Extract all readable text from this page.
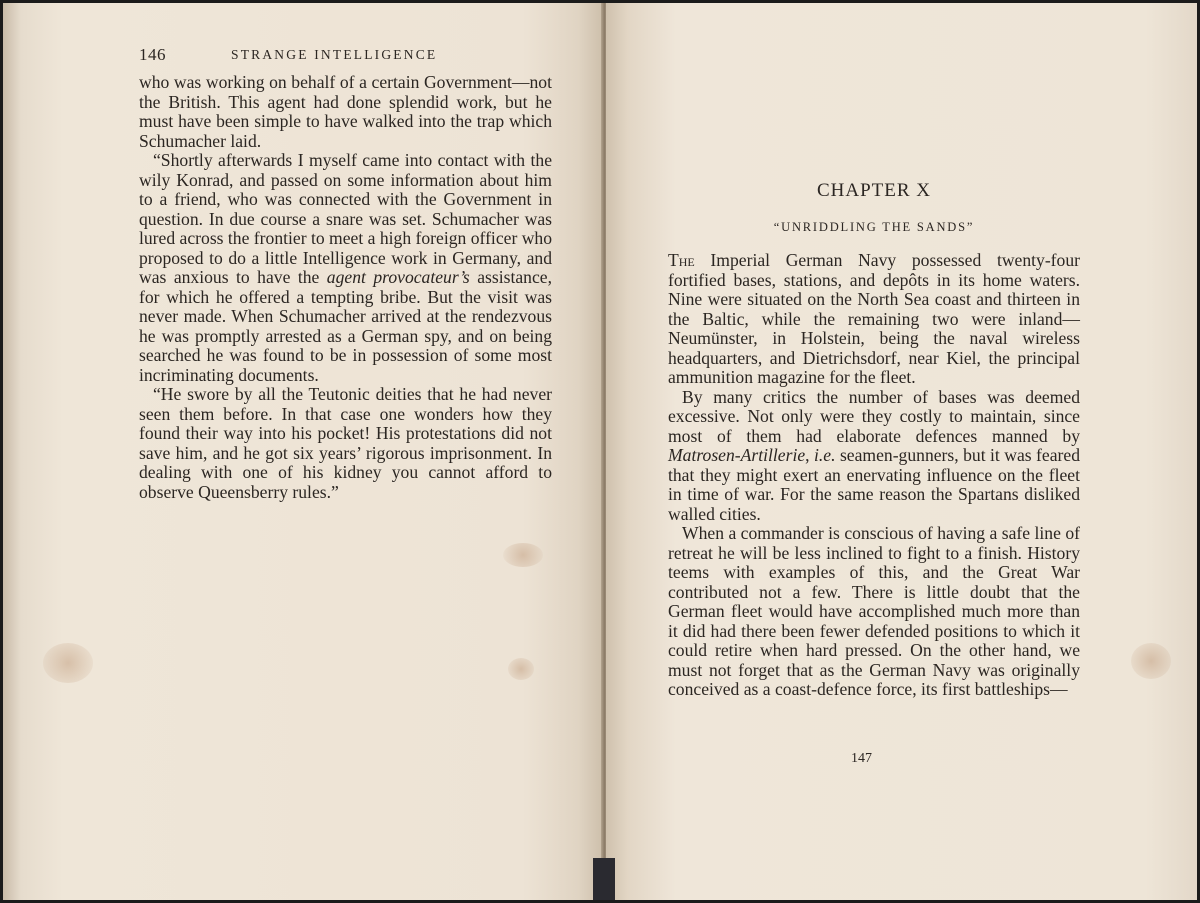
146	STRANGE INTELLIGENCE

who was working on behalf of a certain Government—not the British. This agent had done splendid work, but he must have been simple to have walked into the trap which Schumacher laid.

“Shortly afterwards I myself came into contact with the wily Konrad, and passed on some information about him to a friend, who was connected with the Government in question. In due course a snare was set. Schumacher was lured across the frontier to meet a high foreign officer who proposed to do a little Intelligence work in Germany, and was anxious to have the agent provocateur’s assistance, for which he offered a tempting bribe. But the visit was never made. When Schumacher arrived at the rendezvous he was promptly arrested as a German spy, and on being searched he was found to be in possession of some most incriminating documents.

“He swore by all the Teutonic deities that he had never seen them before. In that case one wonders how they found their way into his pocket! His protestations did not save him, and he got six years’ rigorous imprisonment. In dealing with one of his kidney you cannot afford to observe Queensberry rules.”

CHAPTER X
“UNRIDDLING THE SANDS”

The Imperial German Navy possessed twenty-four fortified bases, stations, and depôts in its home waters. Nine were situated on the North Sea coast and thirteen in the Baltic, while the remaining two were inland—Neumünster, in Holstein, being the naval wireless headquarters, and Dietrichsdorf, near Kiel, the principal ammunition magazine for the fleet.

By many critics the number of bases was deemed excessive. Not only were they costly to maintain, since most of them had elaborate defences manned by Matrosen-Artillerie, i.e. seamen-gunners, but it was feared that they might exert an enervating influence on the fleet in time of war. For the same reason the Spartans disliked walled cities.

When a commander is conscious of having a safe line of retreat he will be less inclined to fight to a finish. History teems with examples of this, and the Great War contributed not a few. There is little doubt that the German fleet would have accomplished much more than it did had there been fewer defended positions to which it could retire when hard pressed. On the other hand, we must not forget that as the German Navy was originally conceived as a coast-defence force, its first battleships—

147
